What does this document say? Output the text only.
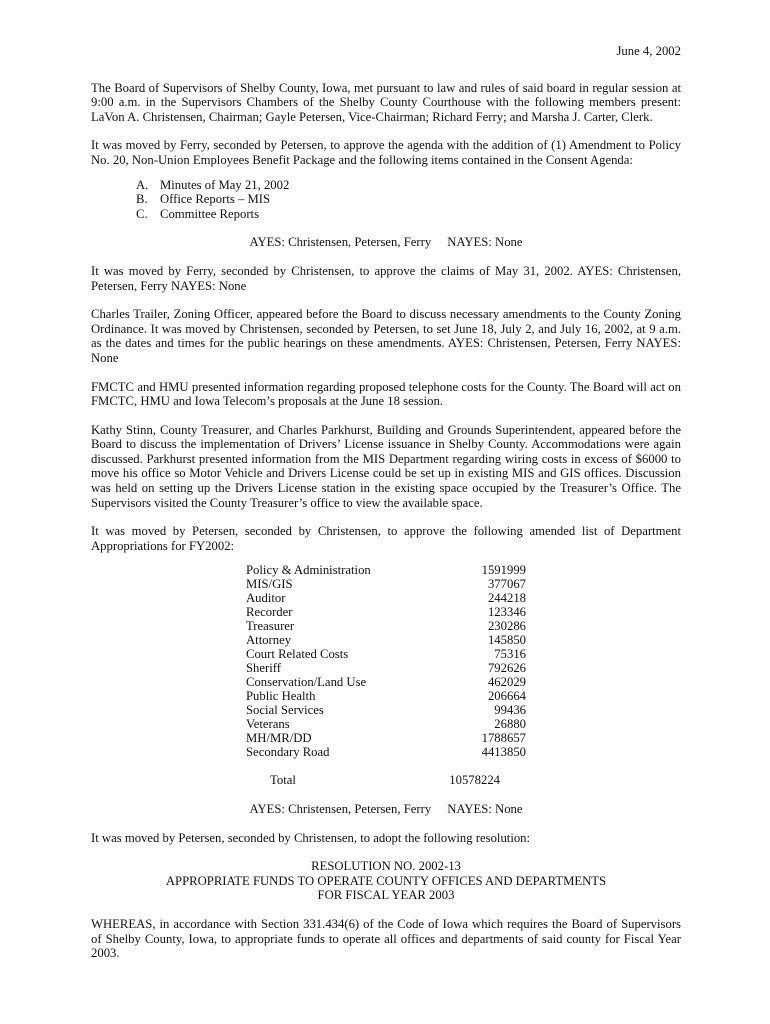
June 4, 2002
The Board of Supervisors of Shelby County, Iowa, met pursuant to law and rules of said board in regular session at 9:00 a.m. in the Supervisors Chambers of the Shelby County Courthouse with the following members present: LaVon A. Christensen, Chairman; Gayle Petersen, Vice-Chairman; Richard Ferry; and Marsha J. Carter, Clerk.
It was moved by Ferry, seconded by Petersen, to approve the agenda with the addition of (1) Amendment to Policy No. 20, Non-Union Employees Benefit Package and the following items contained in the Consent Agenda:
A. Minutes of May 21, 2002
B. Office Reports – MIS
C. Committee Reports
AYES: Christensen, Petersen, Ferry NAYES: None
It was moved by Ferry, seconded by Christensen, to approve the claims of May 31, 2002. AYES: Christensen, Petersen, Ferry NAYES: None
Charles Trailer, Zoning Officer, appeared before the Board to discuss necessary amendments to the County Zoning Ordinance. It was moved by Christensen, seconded by Petersen, to set June 18, July 2, and July 16, 2002, at 9 a.m. as the dates and times for the public hearings on these amendments. AYES: Christensen, Petersen, Ferry NAYES: None
FMCTC and HMU presented information regarding proposed telephone costs for the County. The Board will act on FMCTC, HMU and Iowa Telecom’s proposals at the June 18 session.
Kathy Stinn, County Treasurer, and Charles Parkhurst, Building and Grounds Superintendent, appeared before the Board to discuss the implementation of Drivers’ License issuance in Shelby County. Accommodations were again discussed. Parkhurst presented information from the MIS Department regarding wiring costs in excess of $6000 to move his office so Motor Vehicle and Drivers License could be set up in existing MIS and GIS offices. Discussion was held on setting up the Drivers License station in the existing space occupied by the Treasurer’s Office. The Supervisors visited the County Treasurer’s office to view the available space.
It was moved by Petersen, seconded by Christensen, to approve the following amended list of Department Appropriations for FY2002:
Policy & Administration	1591999
MIS/GIS	377067
Auditor	244218
Recorder	123346
Treasurer	230286
Attorney	145850
Court Related Costs	75316
Sheriff	792626
Conservation/Land Use	462029
Public Health	206664
Social Services	99436
Veterans	26880
MH/MR/DD	1788657
Secondary Road	4413850
Total	10578224
AYES: Christensen, Petersen, Ferry NAYES: None
It was moved by Petersen, seconded by Christensen, to adopt the following resolution:
RESOLUTION NO. 2002-13
APPROPRIATE FUNDS TO OPERATE COUNTY OFFICES AND DEPARTMENTS
FOR FISCAL YEAR 2003
WHEREAS, in accordance with Section 331.434(6) of the Code of Iowa which requires the Board of Supervisors of Shelby County, Iowa, to appropriate funds to operate all offices and departments of said county for Fiscal Year 2003.
